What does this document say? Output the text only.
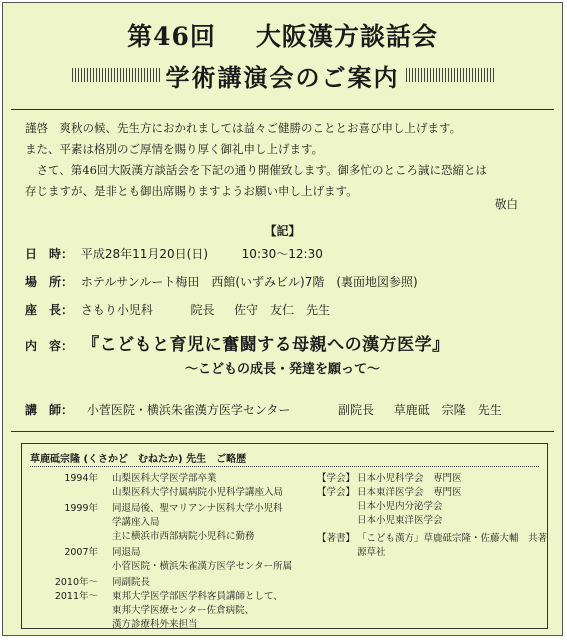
第46回 大阪漢方談話会
学術講演会のご案内
謹啓　爽秋の候、先生方におかれましては益々ご健勝のこととお喜び申し上げます。
また、平素は格別のご厚情を賜り厚く御礼申し上げます。
　さて、第46回大阪漢方談話会を下記の通り開催致します。御多忙のところ誠に恐縮とは
存じますが、是非とも御出席賜りますようお願い申し上げます。
敬白
【記】
日　時： 平成28年11月20日(日)	10:30～12:30
場　所： ホテルサンルート梅田　西館(いずみビル)7階　(裏面地図参照)
座　長： さもり小児科	院長 佐守　友仁　先生
内　容： 『こどもと育児に奮闘する母親への漢方医学』
～こどもの成長・発達を願って～
講　師： 小菅医院・横浜朱雀漢方医学センター	副院長 草鹿砥　宗隆　先生
草鹿砥宗隆 (くさかど　むねたか) 先生　ご略歴
1994年 山梨医科大学医学部卒業
山梨医科大学付属病院小児科学講座入局
1999年 同退局後、聖マリアンナ医科大学小児科
学講座入局
主に横浜市西部病院小児科に勤務
2007年 同退局
小菅医院・横浜朱雀漢方医学センター所属
2010年～ 同副院長
2011年～ 東邦大学医学部医学科客員講師として、
東邦大学医療センター佐倉病院、
漢方診療科外来担当
【学会】 日本小児科学会　専門医
【学会】 日本東洋医学会　専門医
日本小児内分泌学会
日本小児東洋医学会
【著書】 「こども漢方」草鹿砥宗隆・佐藤大輔　共著
源草社
